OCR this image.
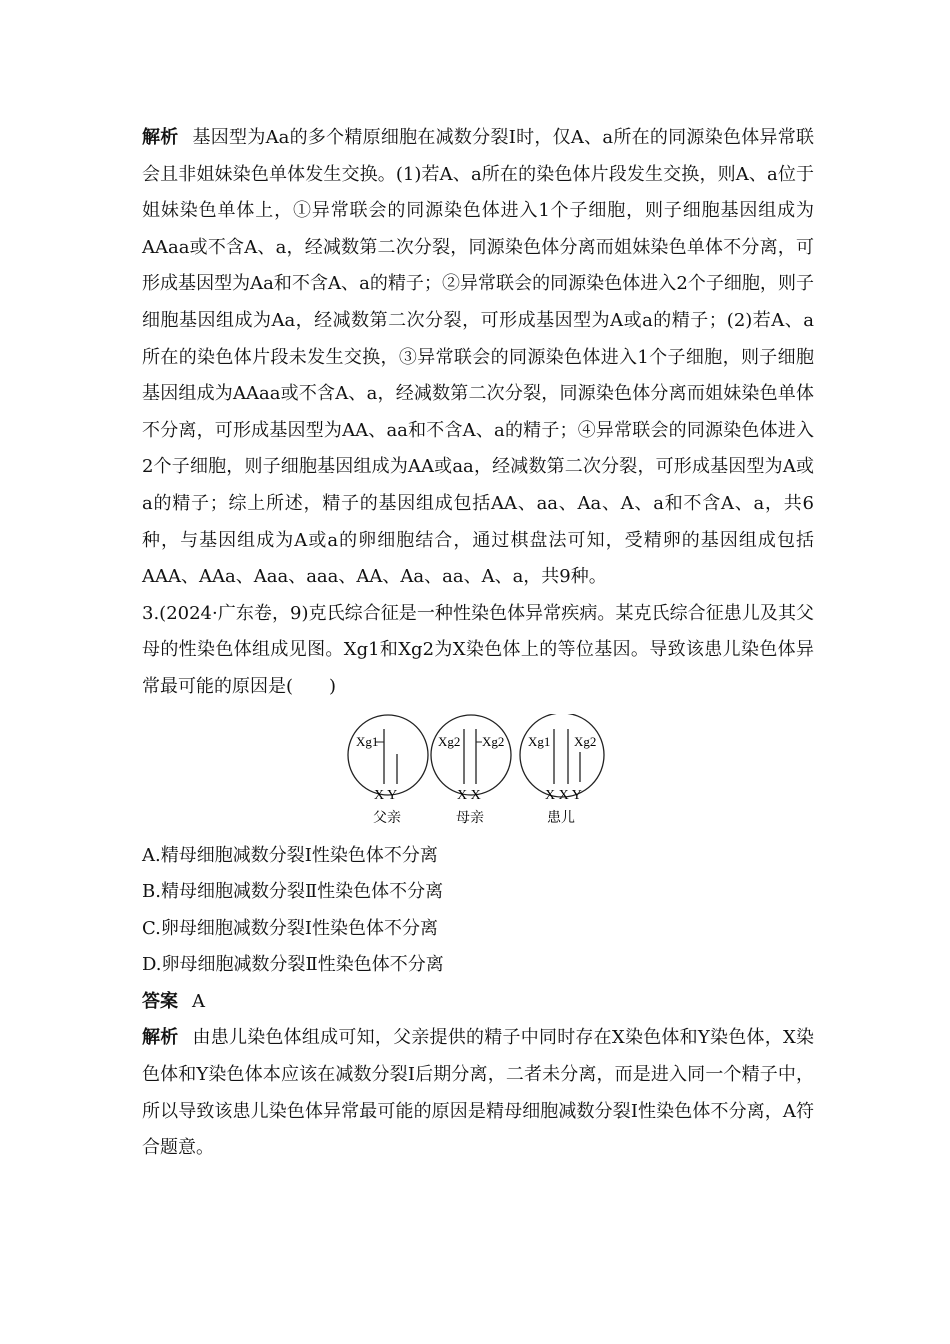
解析 基因型为Aa的多个精原细胞在减数分裂Ⅰ时，仅A、a所在的同源染色体异常联会且非姐妹染色单体发生交换。(1)若A、a所在的染色体片段发生交换，则A、a位于姐妹染色单体上，①异常联会的同源染色体进入1个子细胞，则子细胞基因组成为AAaa或不含A、a，经减数第二次分裂，同源染色体分离而姐妹染色单体不分离，可形成基因型为Aa和不含A、a的精子；②异常联会的同源染色体进入2个子细胞，则子细胞基因组成为Aa，经减数第二次分裂，可形成基因型为A或a的精子；(2)若A、a所在的染色体片段未发生交换，③异常联会的同源染色体进入1个子细胞，则子细胞基因组成为AAaa或不含A、a，经减数第二次分裂，同源染色体分离而姐妹染色单体不分离，可形成基因型为AA、aa和不含A、a的精子；④异常联会的同源染色体进入2个子细胞，则子细胞基因组成为AA或aa，经减数第二次分裂，可形成基因型为A或a的精子；综上所述，精子的基因组成包括AA、aa、Aa、A、a和不含A、a，共6种，与基因组成为A或a的卵细胞结合，通过棋盘法可知，受精卵的基因组成包括AAA、AAa、Aaa、aaa、AA、Aa、aa、A、a，共9种。

3.(2024·广东卷，9)克氏综合征是一种性染色体异常疾病。某克氏综合征患儿及其父母的性染色体组成见图。Xg1和Xg2为X染色体上的等位基因。导致该患儿染色体异常最可能的原因是(　　)

Xg1
X Y
父亲
Xg2 Xg2
X X
母亲
Xg1 Xg2
X X Y
患儿

A.精母细胞减数分裂Ⅰ性染色体不分离

B.精母细胞减数分裂Ⅱ性染色体不分离

C.卵母细胞减数分裂Ⅰ性染色体不分离

D.卵母细胞减数分裂Ⅱ性染色体不分离

答案 A

解析 由患儿染色体组成可知，父亲提供的精子中同时存在X染色体和Y染色体，X染色体和Y染色体本应该在减数分裂Ⅰ后期分离，二者未分离，而是进入同一个精子中，所以导致该患儿染色体异常最可能的原因是精母细胞减数分裂Ⅰ性染色体不分离，A符合题意。
